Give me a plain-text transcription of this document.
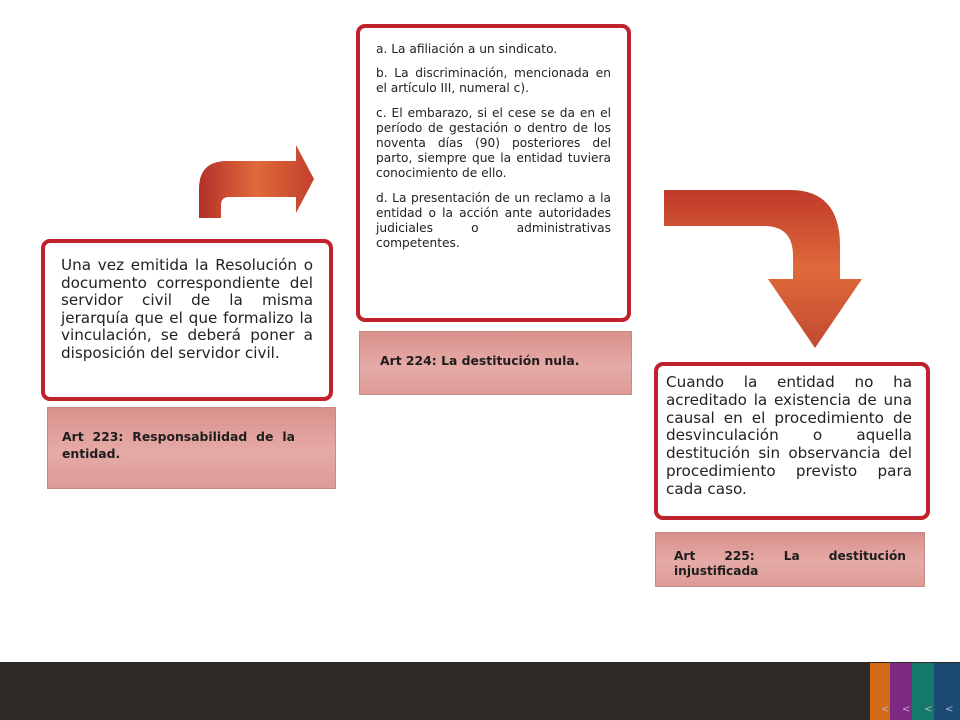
Una vez emitida la Resolución o documento correspondiente del servidor civil de la misma jerarquía que el que formalizo la vinculación, se deberá poner a disposición del servidor civil.

a. La afiliación a un sindicato.

b. La discriminación, mencionada en el artículo III, numeral c).

c. El embarazo, si el cese se da en el período de gestación o dentro de los noventa días (90) posteriores del parto, siempre que la entidad tuviera conocimiento de ello.

d. La presentación de un reclamo a la entidad o la acción ante autoridades judiciales o administrativas competentes.

Cuando la entidad no ha acreditado la existencia de una causal en el procedimiento de desvinculación o aquella destitución sin observancia del procedimiento previsto para cada caso.

Art 223: Responsabilidad de la entidad.
Art 224: La destitución nula.
Art 225: La destitución
injustificada
< < < <
